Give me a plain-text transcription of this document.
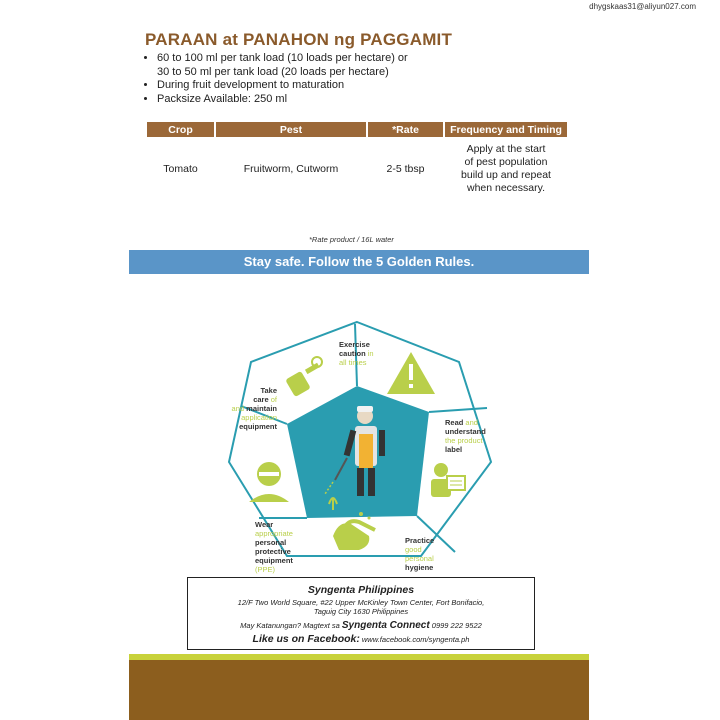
dhygskaas31@aliyun027.com
PARAAN at PANAHON ng PAGGAMIT
• 60 to 100 ml per tank load (10 loads per hectare) or
30 to 50 ml per tank load (20 loads per hectare)
• During fruit development to maturation
• Packsize Available: 250 ml
Crop	Pest	*Rate	Frequency and Timing
Tomato	Fruitworm, Cutworm	2-5 tbsp	Apply at the start
of pest population
build up and repeat
when necessary.
*Rate product / 16L water
Stay safe. Follow the 5 Golden Rules.
Exercise
caution in
all times
Read and
understand
the product
label
Practice
good
personal
hygiene
Wear
appropriate
personal
protective
equipment
(PPE)
Take
care of
and maintain
application
equipment
Syngenta Philippines
12/F Two World Square, #22 Upper McKinley Town Center, Fort Bonifacio,
Taguig City 1630 Philippines
May Katanungan? Magtext sa Syngenta Connect 0999 222 9522
Like us on Facebook: www.facebook.com/syngenta.ph
